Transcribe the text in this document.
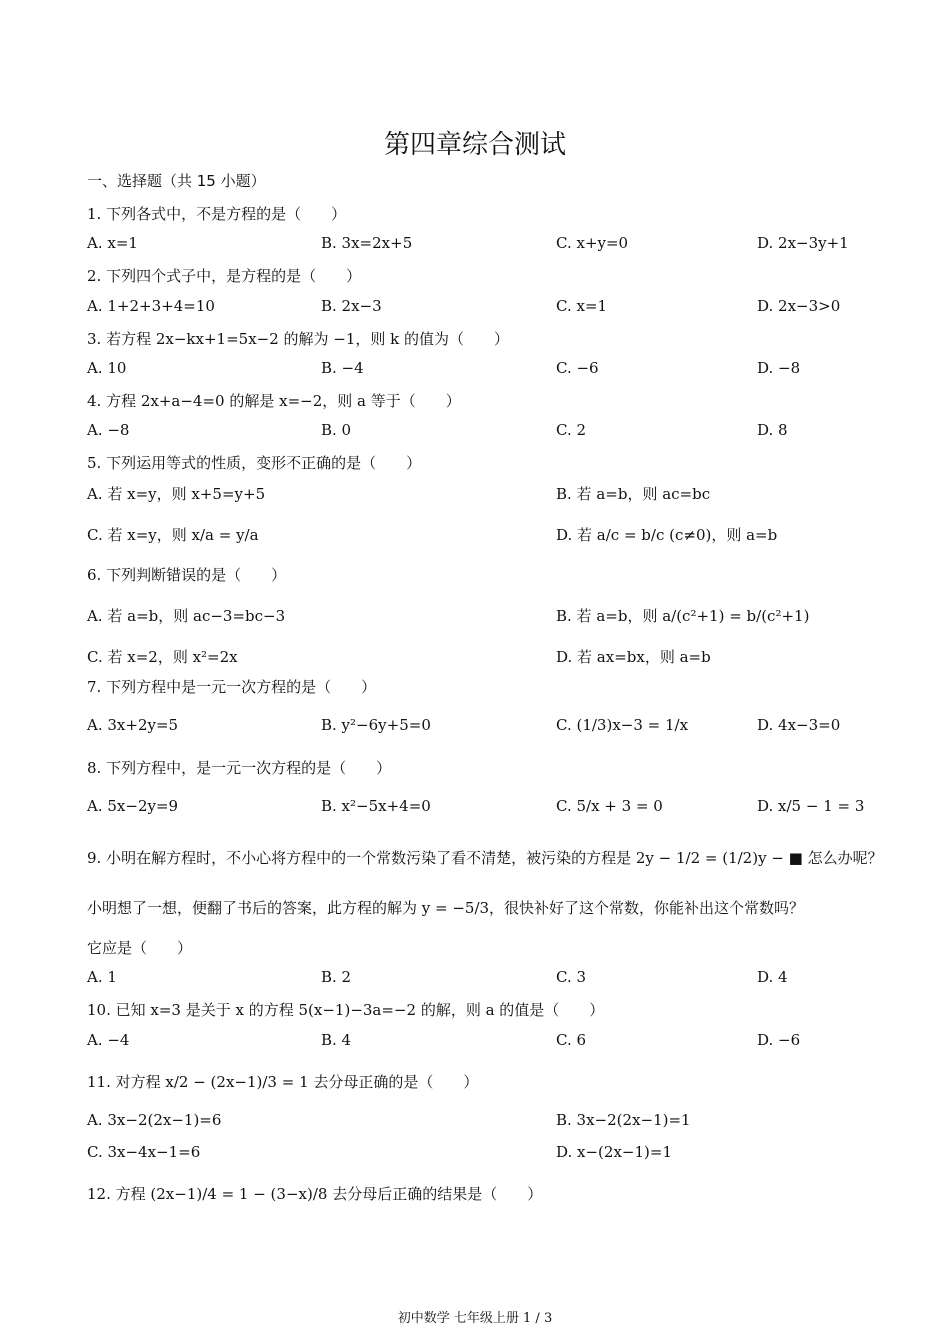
第四章综合测试
一、选择题（共 15 小题）
1. 下列各式中，不是方程的是（　　）
A. x=1	B. 3x=2x+5	C. x+y=0	D. 2x−3y+1
2. 下列四个式子中，是方程的是（　　）
A. 1+2+3+4=10	B. 2x−3	C. x=1	D. 2x−3>0
3. 若方程 2x−kx+1=5x−2 的解为 −1，则 k 的值为（　　）
A. 10	B. −4	C. −6	D. −8
4. 方程 2x+a−4=0 的解是 x=−2，则 a 等于（　　）
A. −8	B. 0	C. 2	D. 8
5. 下列运用等式的性质，变形不正确的是（　　）
A. 若 x=y，则 x+5=y+5	B. 若 a=b，则 ac=bc
C. 若 x=y，则 x/a = y/a	D. 若 a/c = b/c (c≠0)，则 a=b
6. 下列判断错误的是（　　）
A. 若 a=b，则 ac−3=bc−3	B. 若 a=b，则 a/(c²+1) = b/(c²+1)
C. 若 x=2，则 x²=2x	D. 若 ax=bx，则 a=b
7. 下列方程中是一元一次方程的是（　　）
A. 3x+2y=5	B. y²−6y+5=0	C. (1/3)x−3 = 1/x	D. 4x−3=0
8. 下列方程中，是一元一次方程的是（　　）
A. 5x−2y=9	B. x²−5x+4=0	C. 5/x + 3 = 0	D. x/5 − 1 = 3
9. 小明在解方程时，不小心将方程中的一个常数污染了看不清楚，被污染的方程是 2y − 1/2 = (1/2)y − ■ 怎么办呢？
小明想了一想，便翻了书后的答案，此方程的解为 y = −5/3，很快补好了这个常数，你能补出这个常数吗？
它应是（　　）
A. 1	B. 2	C. 3	D. 4
10. 已知 x=3 是关于 x 的方程 5(x−1)−3a=−2 的解，则 a 的值是（　　）
A. −4	B. 4	C. 6	D. −6
11. 对方程 x/2 − (2x−1)/3 = 1 去分母正确的是（　　）
A. 3x−2(2x−1)=6	B. 3x−2(2x−1)=1
C. 3x−4x−1=6	D. x−(2x−1)=1
12. 方程 (2x−1)/4 = 1 − (3−x)/8 去分母后正确的结果是（　　）
初中数学 七年级上册 1 / 3
